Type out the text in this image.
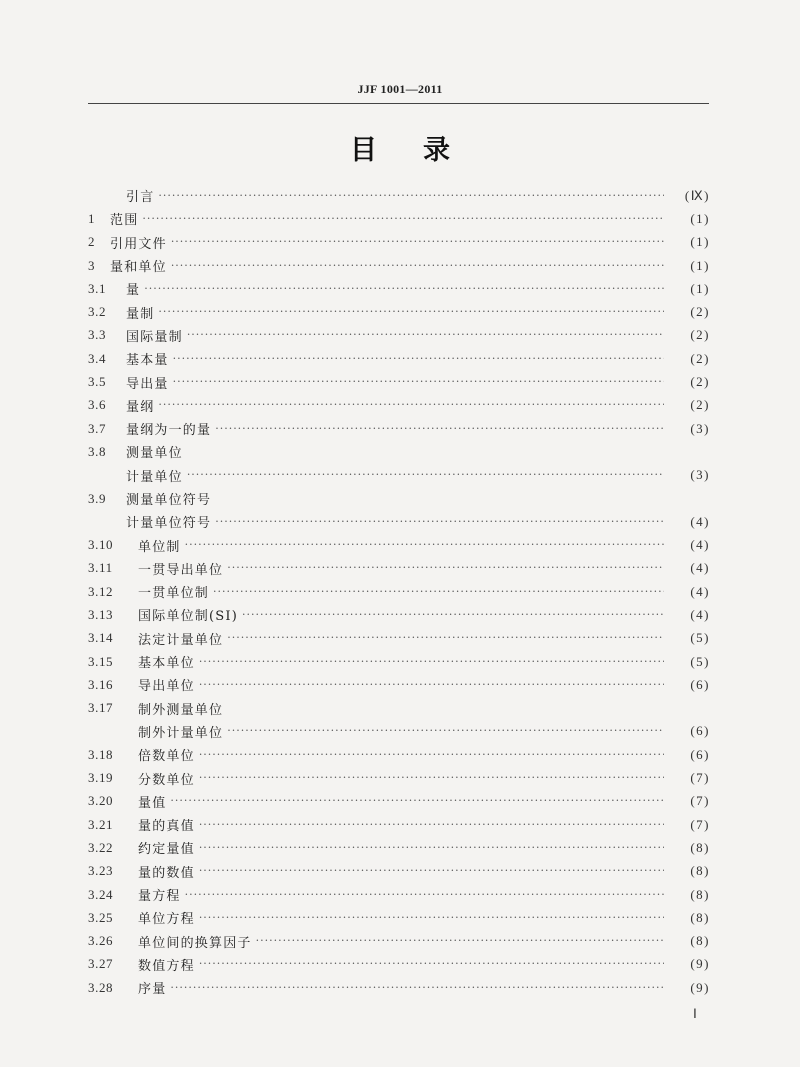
JJF 1001—2011
目 录
引言 ·····	(Ⅸ)
1	范围 ·····	(1)
2	引用文件 ·····	(1)
3	量和单位 ·····	(1)
3.1	量 ·····	(1)
3.2	量制 ·····	(2)
3.3	国际量制 ·····	(2)
3.4	基本量 ·····	(2)
3.5	导出量 ·····	(2)
3.6	量纲 ·····	(2)
3.7	量纲为一的量 ·····	(3)
3.8	测量单位
计量单位 ·····	(3)
3.9	测量单位符号
计量单位符号 ·····	(4)
3.10	单位制 ·····	(4)
3.11	一贯导出单位 ·····	(4)
3.12	一贯单位制 ·····	(4)
3.13	国际单位制(SI) ·····	(4)
3.14	法定计量单位 ·····	(5)
3.15	基本单位 ·····	(5)
3.16	导出单位 ·····	(6)
3.17	制外测量单位
制外计量单位 ·····	(6)
3.18	倍数单位 ·····	(6)
3.19	分数单位 ·····	(7)
3.20	量值 ·····	(7)
3.21	量的真值 ·····	(7)
3.22	约定量值 ·····	(8)
3.23	量的数值 ·····	(8)
3.24	量方程 ·····	(8)
3.25	单位方程 ·····	(8)
3.26	单位间的换算因子 ·····	(8)
3.27	数值方程 ·····	(9)
3.28	序量 ·····	(9)
Ⅰ
